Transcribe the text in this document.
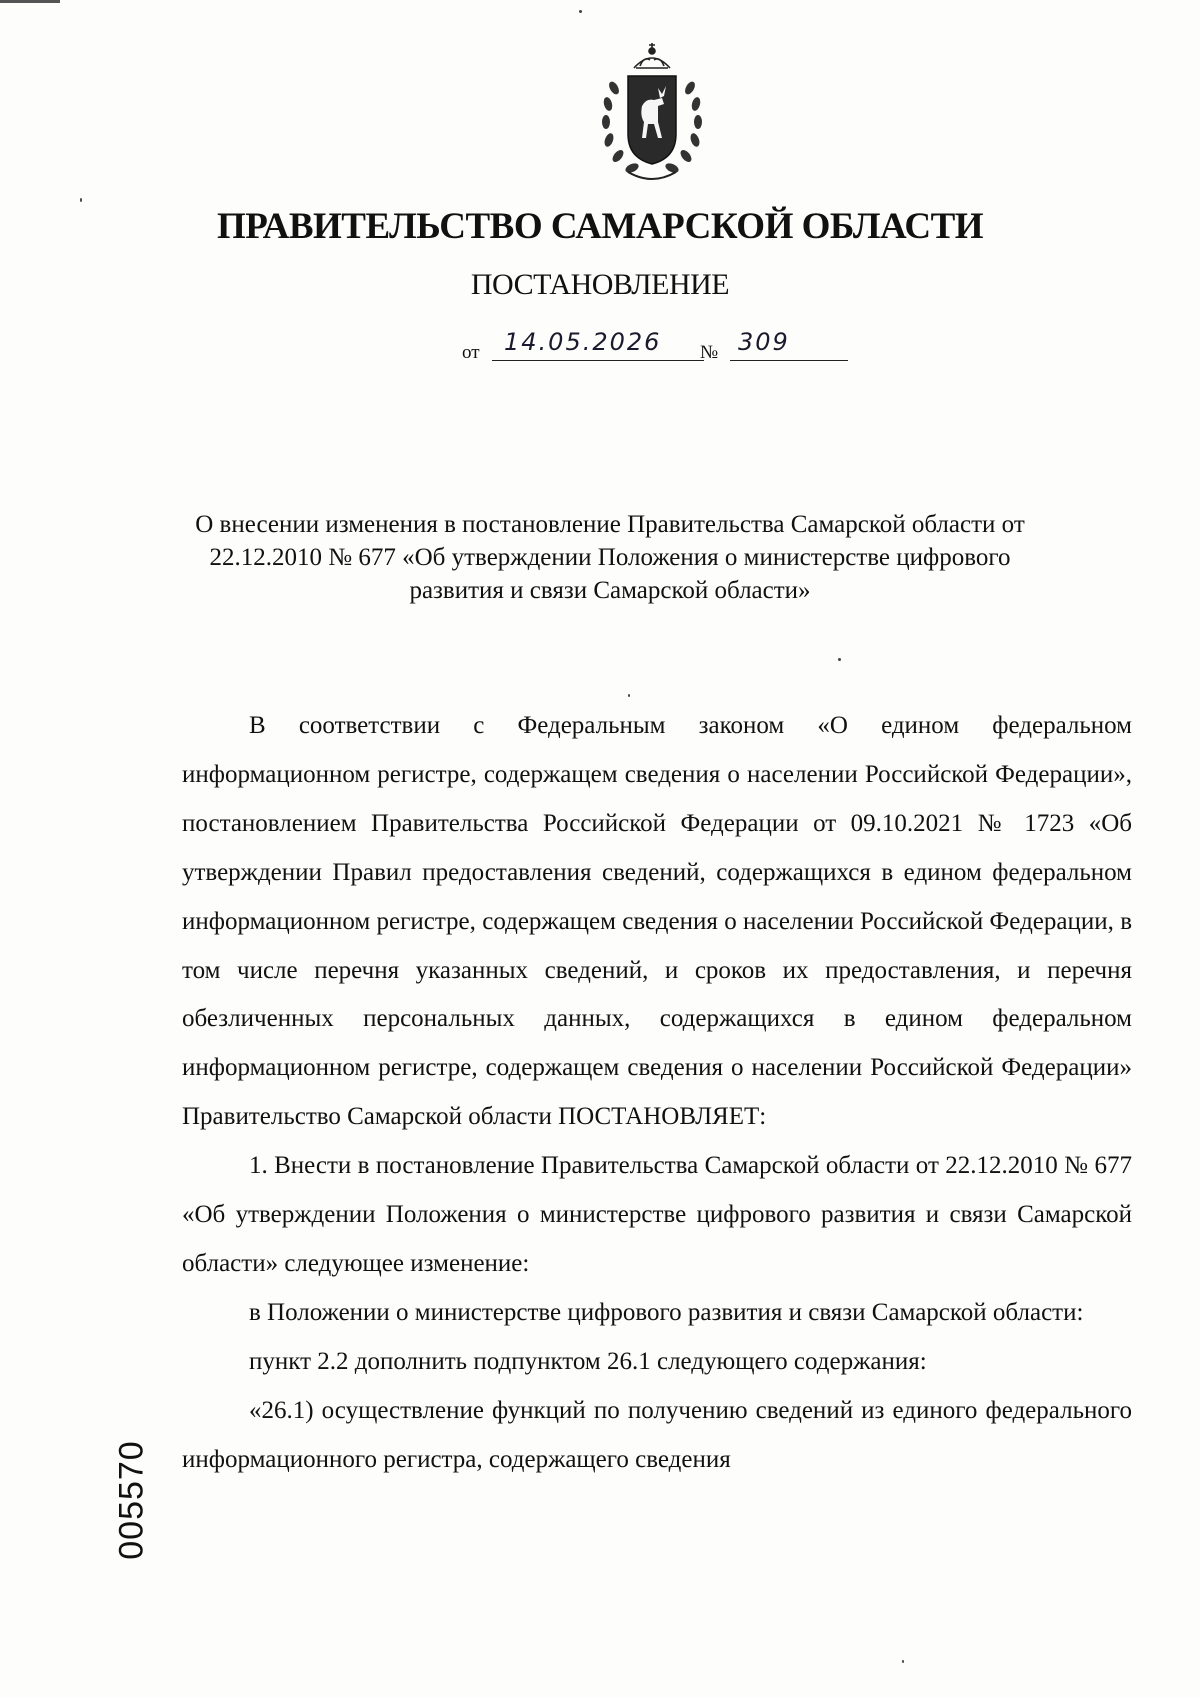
ПРАВИТЕЛЬСТВО САМАРСКОЙ ОБЛАСТИ
ПОСТАНОВЛЕНИЕ
от	14.05.2026	№ 309
О внесении изменения в постановление Правительства Самарской области от 22.12.2010 № 677 «Об утверждении Положения о министерстве цифрового развития и связи Самарской области»

В соответствии с Федеральным законом «О едином федеральном информационном регистре, содержащем сведения о населении Российской Федерации», постановлением Правительства Российской Федерации от 09.10.2021 № 1723 «Об утверждении Правил предоставления сведений, содержащихся в едином федеральном информационном регистре, содержащем сведения о населении Российской Федерации, в том числе перечня указанных сведений, и сроков их предоставления, и перечня обезличенных персональных данных, содержащихся в едином федеральном информационном регистре, содержащем сведения о населении Российской Федерации» Правительство Самарской области ПОСТАНОВЛЯЕТ:

1. Внести в постановление Правительства Самарской области от 22.12.2010 № 677 «Об утверждении Положения о министерстве цифрового развития и связи Самарской области» следующее изменение:

в Положении о министерстве цифрового развития и связи Самарской области:

пункт 2.2 дополнить подпунктом 26.1 следующего содержания:

«26.1) осуществление функций по получению сведений из единого федерального информационного регистра, содержащего сведения

005570
